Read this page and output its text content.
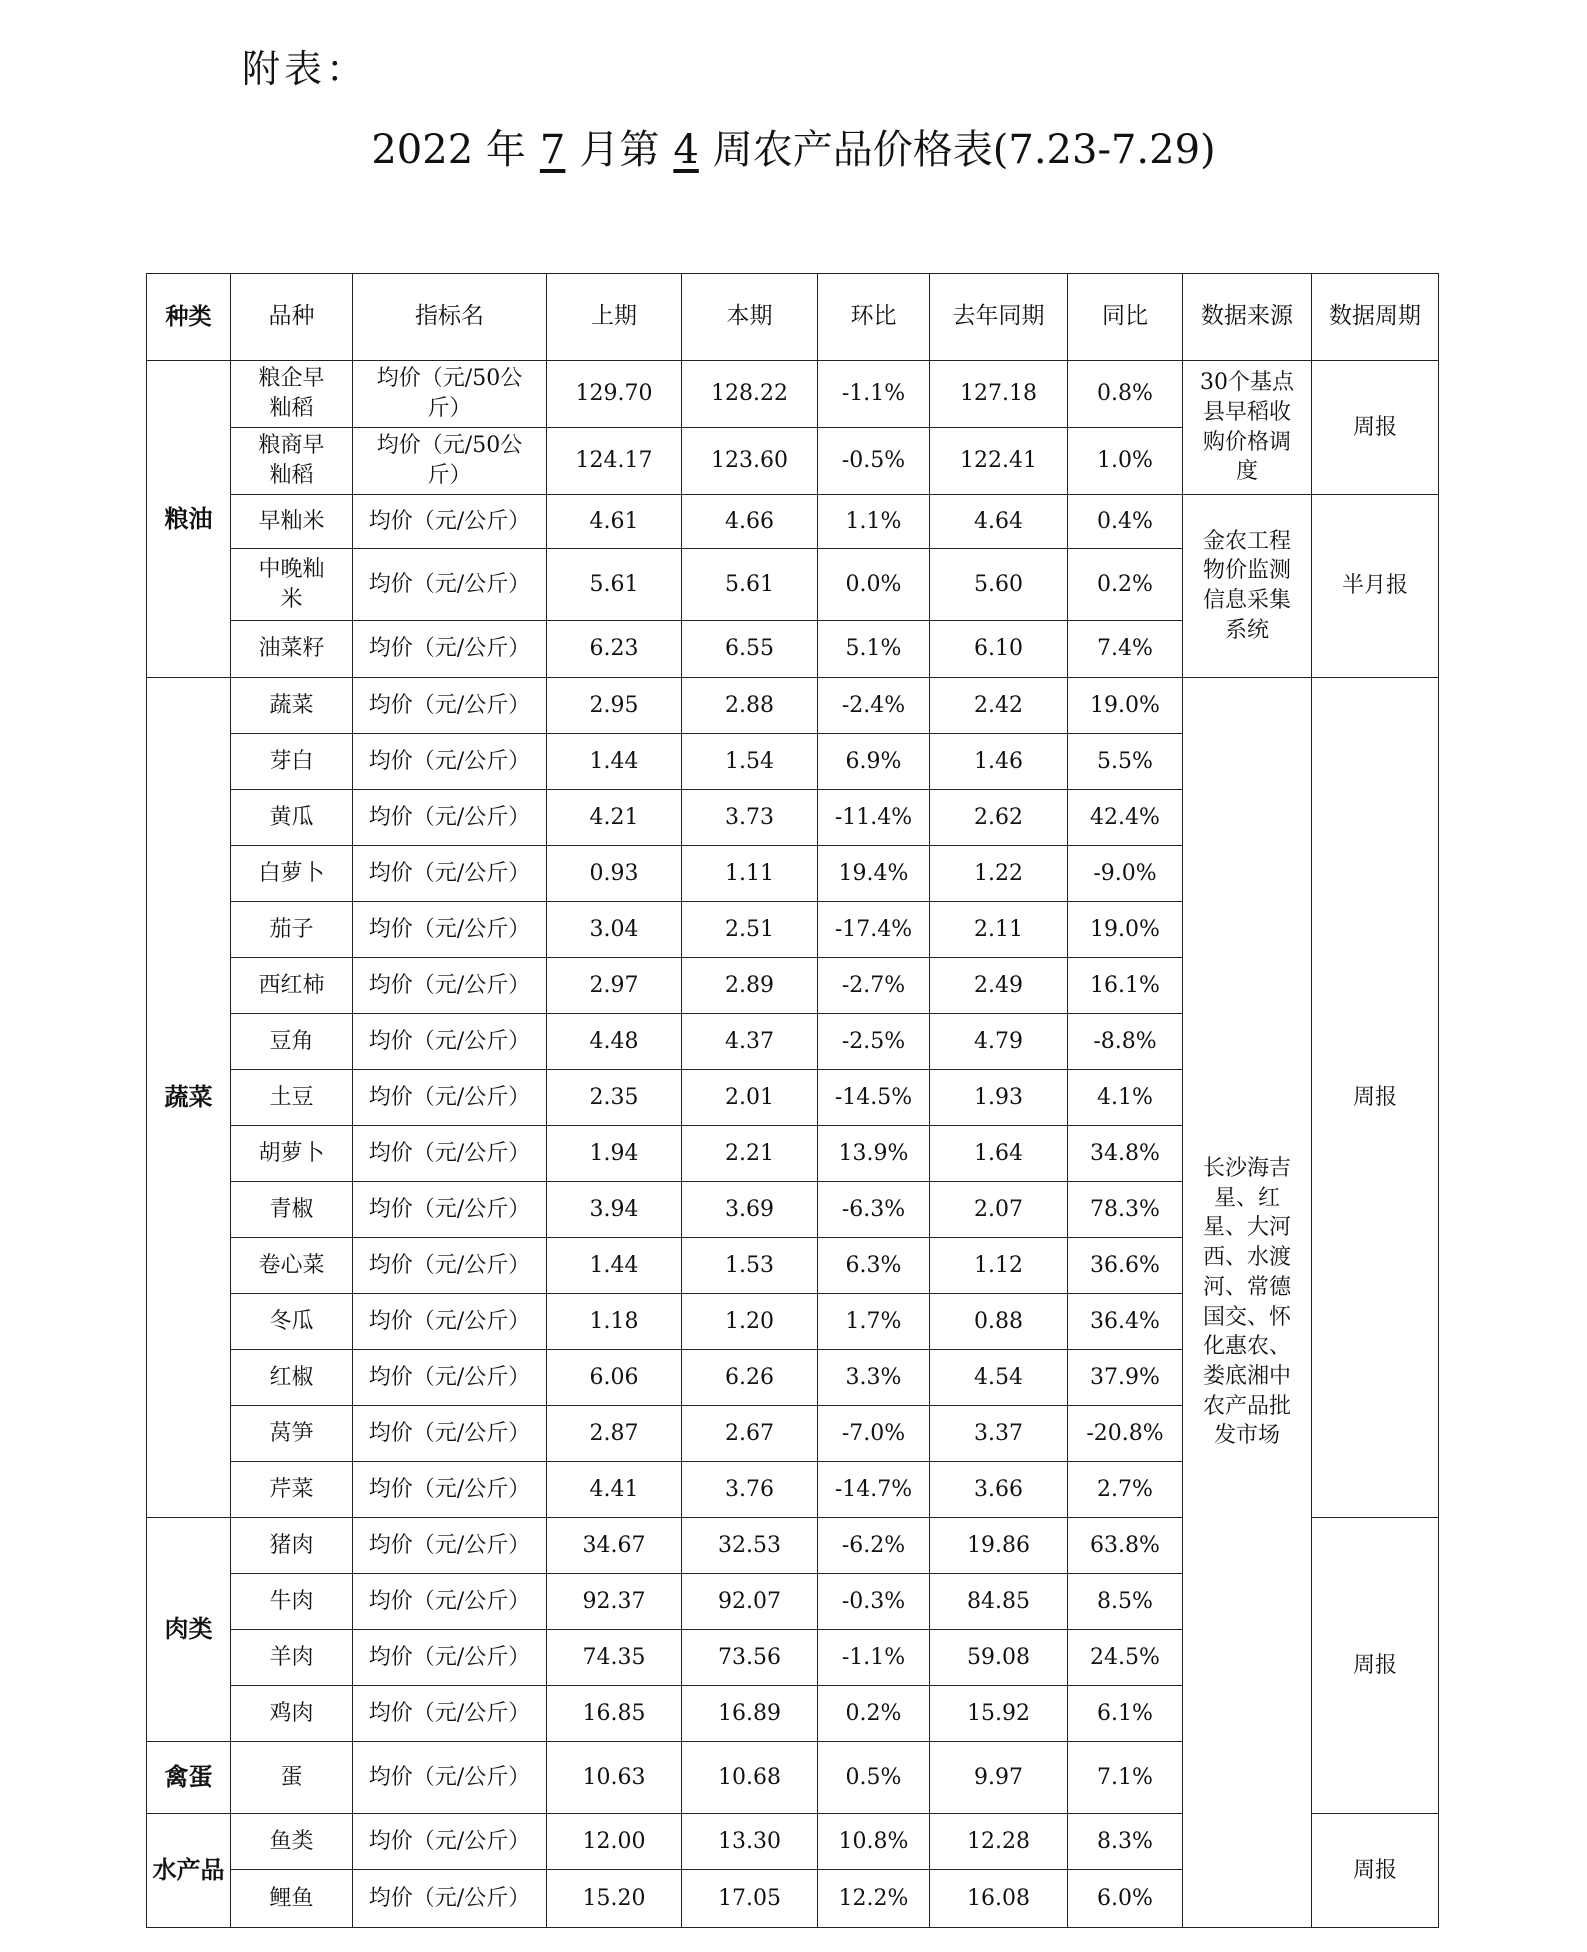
附表：
2022 年 7 月第 4 周农产品价格表(7.23-7.29)
种类	品种	指标名	上期	本期	环比	去年同期	同比	数据来源	数据周期
粮油	粮企早籼稻	均价（元/50公斤）	129.70	128.22	-1.1%	127.18	0.8%	30个基点县早稻收购价格调度	周报
	粮商早籼稻	均价（元/50公斤）	124.17	123.60	-0.5%	122.41	1.0%		
	早籼米	均价（元/公斤）	4.61	4.66	1.1%	4.64	0.4%	金农工程物价监测信息采集系统	半月报
	中晚籼米	均价（元/公斤）	5.61	5.61	0.0%	5.60	0.2%		
	油菜籽	均价（元/公斤）	6.23	6.55	5.1%	6.10	7.4%		
蔬菜	蔬菜	均价（元/公斤）	2.95	2.88	-2.4%	2.42	19.0%	长沙海吉星、红星、大河西、水渡河、常德国交、怀化惠农、娄底湘中农产品批发市场	周报
	芽白	均价（元/公斤）	1.44	1.54	6.9%	1.46	5.5%		
	黄瓜	均价（元/公斤）	4.21	3.73	-11.4%	2.62	42.4%		
	白萝卜	均价（元/公斤）	0.93	1.11	19.4%	1.22	-9.0%		
	茄子	均价（元/公斤）	3.04	2.51	-17.4%	2.11	19.0%		
	西红柿	均价（元/公斤）	2.97	2.89	-2.7%	2.49	16.1%		
	豆角	均价（元/公斤）	4.48	4.37	-2.5%	4.79	-8.8%		
	土豆	均价（元/公斤）	2.35	2.01	-14.5%	1.93	4.1%		
	胡萝卜	均价（元/公斤）	1.94	2.21	13.9%	1.64	34.8%		
	青椒	均价（元/公斤）	3.94	3.69	-6.3%	2.07	78.3%		
	卷心菜	均价（元/公斤）	1.44	1.53	6.3%	1.12	36.6%		
	冬瓜	均价（元/公斤）	1.18	1.20	1.7%	0.88	36.4%		
	红椒	均价（元/公斤）	6.06	6.26	3.3%	4.54	37.9%		
	莴笋	均价（元/公斤）	2.87	2.67	-7.0%	3.37	-20.8%		
	芹菜	均价（元/公斤）	4.41	3.76	-14.7%	3.66	2.7%		
肉类	猪肉	均价（元/公斤）	34.67	32.53	-6.2%	19.86	63.8%		周报
	牛肉	均价（元/公斤）	92.37	92.07	-0.3%	84.85	8.5%		
	羊肉	均价（元/公斤）	74.35	73.56	-1.1%	59.08	24.5%		
	鸡肉	均价（元/公斤）	16.85	16.89	0.2%	15.92	6.1%		
禽蛋	蛋	均价（元/公斤）	10.63	10.68	0.5%	9.97	7.1%		
水产品	鱼类	均价（元/公斤）	12.00	13.30	10.8%	12.28	8.3%		周报
	鲤鱼	均价（元/公斤）	15.20	17.05	12.2%	16.08	6.0%		
